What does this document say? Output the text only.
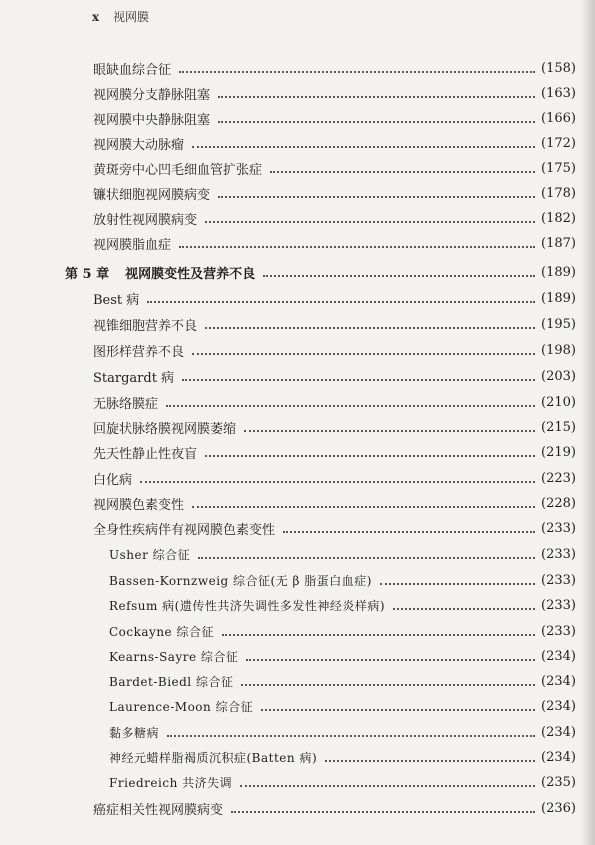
x 视网膜
眼缺血综合征	(158)
视网膜分支静脉阻塞	(163)
视网膜中央静脉阻塞	(166)
视网膜大动脉瘤	(172)
黄斑旁中心凹毛细血管扩张症	(175)
镰状细胞视网膜病变	(178)
放射性视网膜病变	(182)
视网膜脂血症	(187)
第 5 章 视网膜变性及营养不良	(189)
Best 病	(189)
视锥细胞营养不良	(195)
图形样营养不良	(198)
Stargardt 病	(203)
无脉络膜症	(210)
回旋状脉络膜视网膜萎缩	(215)
先天性静止性夜盲	(219)
白化病	(223)
视网膜色素变性	(228)
全身性疾病伴有视网膜色素变性	(233)
Usher 综合征	(233)
Bassen-Kornzweig 综合征(无 β 脂蛋白血症)	(233)
Refsum 病(遗传性共济失调性多发性神经炎样病)	(233)
Cockayne 综合征	(233)
Kearns-Sayre 综合征	(234)
Bardet-Biedl 综合征	(234)
Laurence-Moon 综合征	(234)
黏多糖病	(234)
神经元蜡样脂褐质沉积症(Batten 病)	(234)
Friedreich 共济失调	(235)
癌症相关性视网膜病变	(236)
